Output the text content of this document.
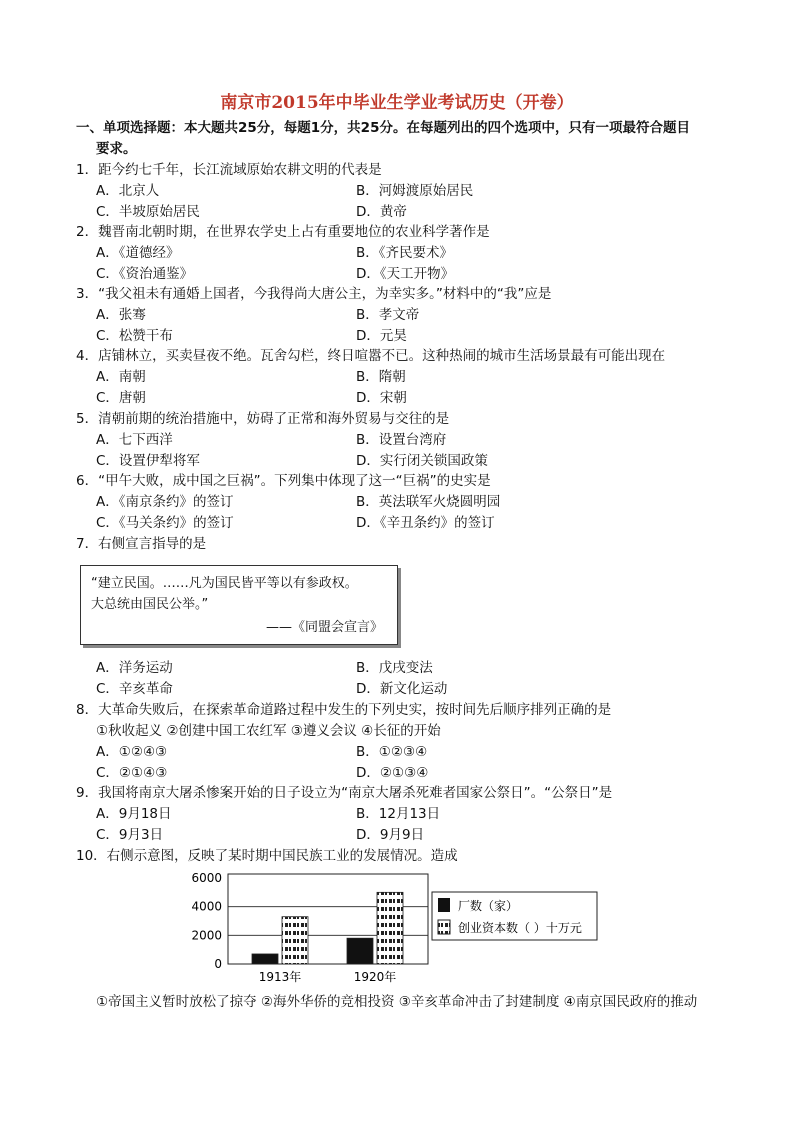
南京市2015年中毕业生学业考试历史（开卷）
一、单项选择题：本大题共25分，每题1分，共25分。在每题列出的四个选项中，只有一项最符合题目
要求。
1．距今约七千年，长江流域原始农耕文明的代表是
A．北京人	B．河姆渡原始居民
C．半坡原始居民	D．黄帝
2．魏晋南北朝时期，在世界农学史上占有重要地位的农业科学著作是
A．《道德经》	B．《齐民要术》
C．《资治通鉴》	D．《天工开物》
3．“我父祖未有通婚上国者，今我得尚大唐公主，为幸实多。”材料中的“我”应是
A．张骞	B．孝文帝
C．松赞干布	D．元昊
4．店铺林立，买卖昼夜不绝。瓦舍勾栏，终日喧嚣不已。这种热闹的城市生活场景最有可能出现在
A．南朝	B．隋朝
C．唐朝	D．宋朝
5．清朝前期的统治措施中，妨碍了正常和海外贸易与交往的是
A．七下西洋	B．设置台湾府
C．设置伊犁将军	D．实行闭关锁国政策
6．“甲午大败，成中国之巨祸”。下列集中体现了这一“巨祸”的史实是
A．《南京条约》的签订	B．英法联军火烧圆明园
C．《马关条约》的签订	D．《辛丑条约》的签订
7．右侧宣言指导的是
“建立民国。……凡为国民皆平等以有参政权。
大总统由国民公举。”
——《同盟会宣言》
A．洋务运动	B．戊戌变法
C．辛亥革命	D．新文化运动
8．大革命失败后，在探索革命道路过程中发生的下列史实，按时间先后顺序排列正确的是
①秋收起义 ②创建中国工农红军 ③遵义会议 ④长征的开始
A．①②④③	B．①②③④
C．②①④③	D．②①③④
9．我国将南京大屠杀惨案开始的日子设立为“南京大屠杀死难者国家公祭日”。“公祭日”是
A．9月18日	B．12月13日
C．9月3日	D．9月9日
10．右侧示意图，反映了某时期中国民族工业的发展情况。造成
6000
4000
2000
0
1913年	1920年
厂数（家）
创业资本数（ ）十万元
①帝国主义暂时放松了掠夺 ②海外华侨的竞相投资 ③辛亥革命冲击了封建制度 ④南京国民政府的推动
